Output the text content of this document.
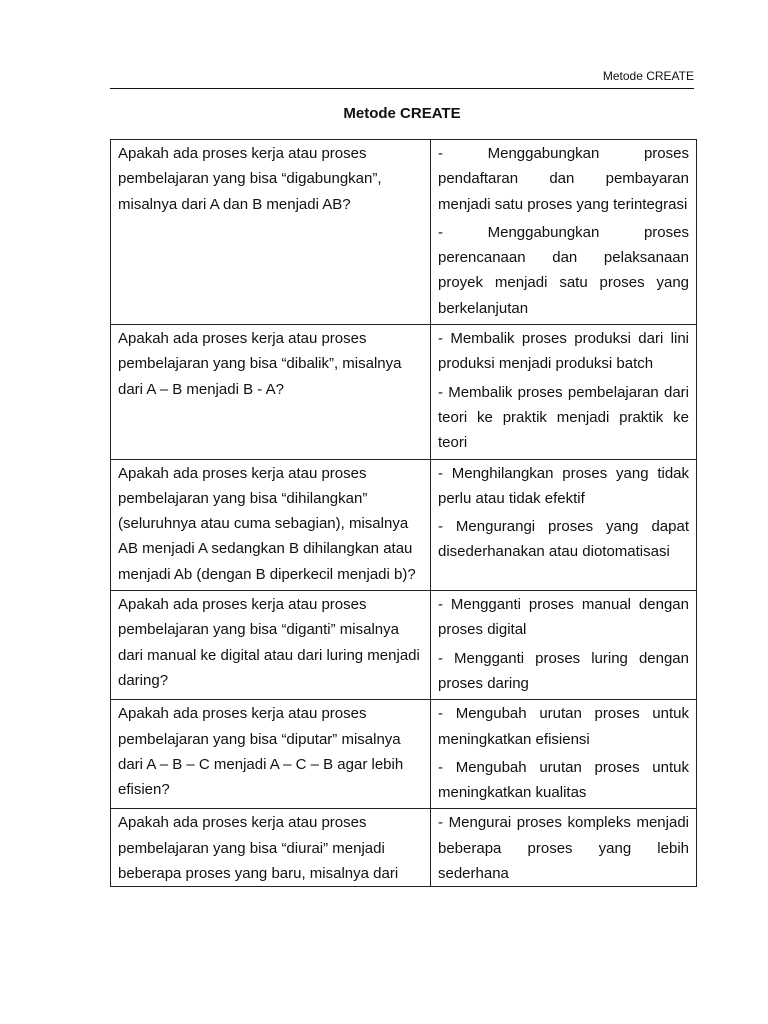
Metode CREATE
Metode CREATE
Apakah ada proses kerja atau proses pembelajaran yang bisa “digabungkan”, misalnya dari A dan B menjadi AB?	- Menggabungkan proses pendaftaran dan pembayaran menjadi satu proses yang terintegrasi

- Menggabungkan proses perencanaan dan pelaksanaan proyek menjadi satu proses yang berkelanjutan

Apakah ada proses kerja atau proses pembelajaran yang bisa “dibalik”, misalnya dari A – B menjadi B - A?	- Membalik proses produksi dari lini produksi menjadi produksi batch

- Membalik proses pembelajaran dari teori ke praktik menjadi praktik ke teori

Apakah ada proses kerja atau proses pembelajaran yang bisa “dihilangkan” (seluruhnya atau cuma sebagian), misalnya AB menjadi A sedangkan B dihilangkan atau menjadi Ab (dengan B diperkecil menjadi b)?	- Menghilangkan proses yang tidak perlu atau tidak efektif

- Mengurangi proses yang dapat disederhanakan atau diotomatisasi

Apakah ada proses kerja atau proses pembelajaran yang bisa “diganti” misalnya dari manual ke digital atau dari luring menjadi daring?	- Mengganti proses manual dengan proses digital

- Mengganti proses luring dengan proses daring

Apakah ada proses kerja atau proses pembelajaran yang bisa “diputar” misalnya dari A – B – C menjadi A – C – B agar lebih efisien?	- Mengubah urutan proses untuk meningkatkan efisiensi

- Mengubah urutan proses untuk meningkatkan kualitas

Apakah ada proses kerja atau proses pembelajaran yang bisa “diurai” menjadi beberapa proses yang baru, misalnya dari	- Mengurai proses kompleks menjadi beberapa proses yang lebih sederhana
